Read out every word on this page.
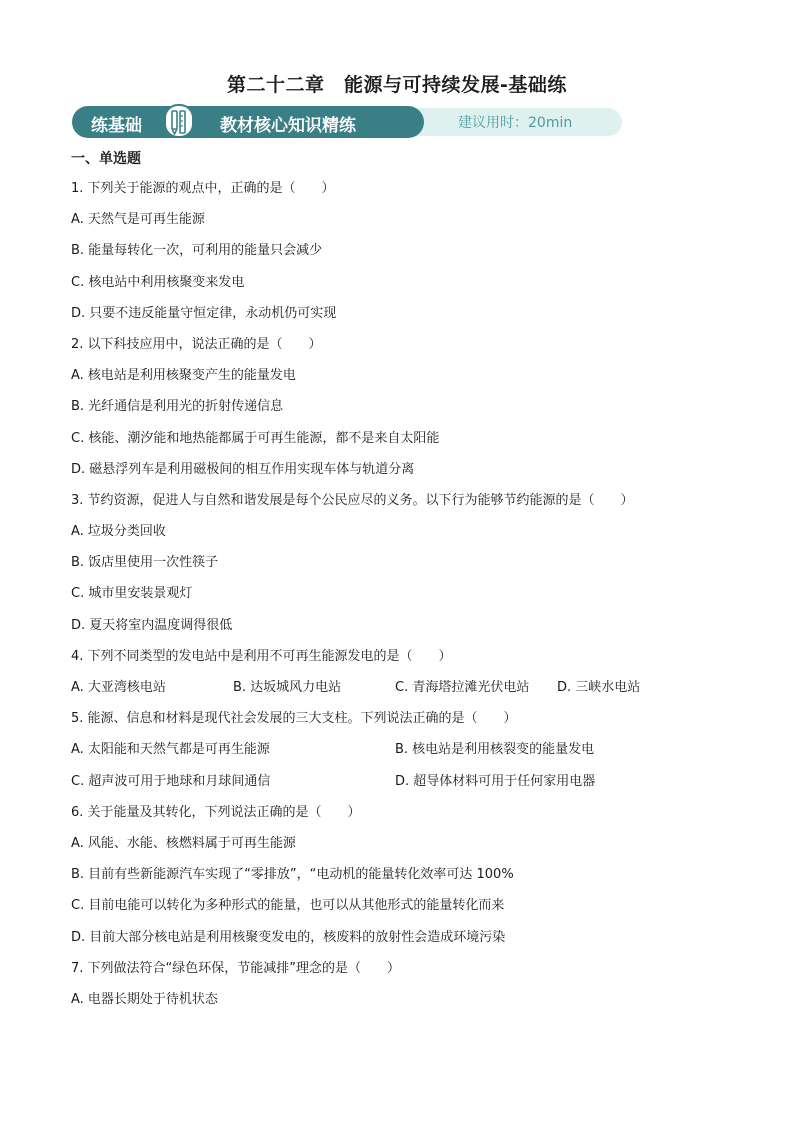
第二十二章　能源与可持续发展-基础练
练基础	教材核心知识精练	建议用时：20min
一、单选题
1. 下列关于能源的观点中，正确的是（　　）
A. 天然气是可再生能源
B. 能量每转化一次，可利用的能量只会减少
C. 核电站中利用核聚变来发电
D. 只要不违反能量守恒定律，永动机仍可实现
2. 以下科技应用中，说法正确的是（　　）
A. 核电站是利用核聚变产生的能量发电
B. 光纤通信是利用光的折射传递信息
C. 核能、潮汐能和地热能都属于可再生能源，都不是来自太阳能
D. 磁悬浮列车是利用磁极间的相互作用实现车体与轨道分离
3. 节约资源，促进人与自然和谐发展是每个公民应尽的义务。以下行为能够节约能源的是（　　）
A. 垃圾分类回收
B. 饭店里使用一次性筷子
C. 城市里安装景观灯
D. 夏天将室内温度调得很低
4. 下列不同类型的发电站中是利用不可再生能源发电的是（　　）
A. 大亚湾核电站	B. 达坂城风力电站	C. 青海塔拉滩光伏电站	D. 三峡水电站
5. 能源、信息和材料是现代社会发展的三大支柱。下列说法正确的是（　　）
A. 太阳能和天然气都是可再生能源	B. 核电站是利用核裂变的能量发电
C. 超声波可用于地球和月球间通信	D. 超导体材料可用于任何家用电器
6. 关于能量及其转化，下列说法正确的是（　　）
A. 风能、水能、核燃料属于可再生能源
B. 目前有些新能源汽车实现了“零排放”，“电动机的能量转化效率可达 100%
C. 目前电能可以转化为多种形式的能量，也可以从其他形式的能量转化而来
D. 目前大部分核电站是利用核聚变发电的，核废料的放射性会造成环境污染
7. 下列做法符合“绿色环保，节能减排”理念的是（　　）
A. 电器长期处于待机状态
